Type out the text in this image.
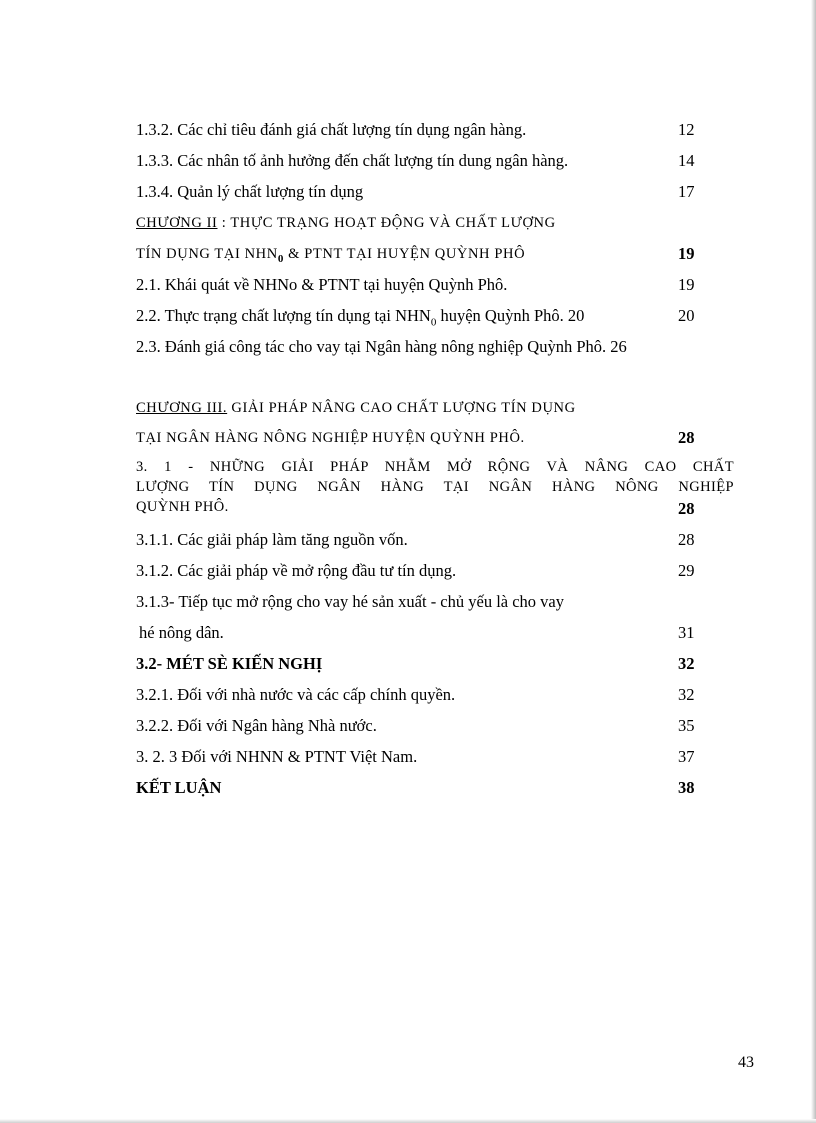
1.3.2. Các chỉ tiêu đánh giá chất lượng tín dụng ngân hàng.	12
1.3.3. Các nhân tố ảnh hưởng đến chất lượng tín dung ngân hàng.	14
1.3.4. Quản lý chất lượng tín dụng	17
CHƯƠNG II : THỰC TRẠNG HOẠT ĐỘNG VÀ CHẤT LƯỢNG
TÍN DỤNG TẠI $NHN_0$ & PTNT TẠI HUYỆN QUỲNH PHÔ	19
2.1. Khái quát về NHNo & PTNT tại huyện Quỳnh Phô.	19
2.2. Thực trạng chất lượng tín dụng tại $NHN_0$ huyện Quỳnh Phô. 20	20
2.3. Đánh giá công tác cho vay tại Ngân hàng nông nghiệp Quỳnh Phô. 26
CHƯƠNG III. GIẢI PHÁP NÂNG CAO CHẤT LƯỢNG TÍN DỤNG
TẠI NGÂN HÀNG NÔNG NGHIỆP HUYỆN QUỲNH PHÔ.	28
3. 1 - NHỮNG GIẢI PHÁP NHẰM MỞ RỘNG VÀ NÂNG CAO CHẤT
LƯỢNG TÍN DỤNG NGÂN HÀNG TẠI NGÂN HÀNG NÔNG NGHIỆP
QUỲNH PHÔ.	28
3.1.1. Các giải pháp làm tăng nguồn vốn.	28
3.1.2. Các giải pháp về mở rộng đầu tư tín dụng.	29
3.1.3- Tiếp tục mở rộng cho vay hé sản xuất - chủ yếu là cho vay
hé nông dân.	31
3.2- MÉT SÈ KIẾN NGHỊ	32
3.2.1. Đối với nhà nước và các cấp chính quyền.	32
3.2.2. Đối với Ngân hàng Nhà nước.	35
3. 2. 3 Đối với NHNN & PTNT Việt Nam.	37
KẾT LUẬN	38
43
